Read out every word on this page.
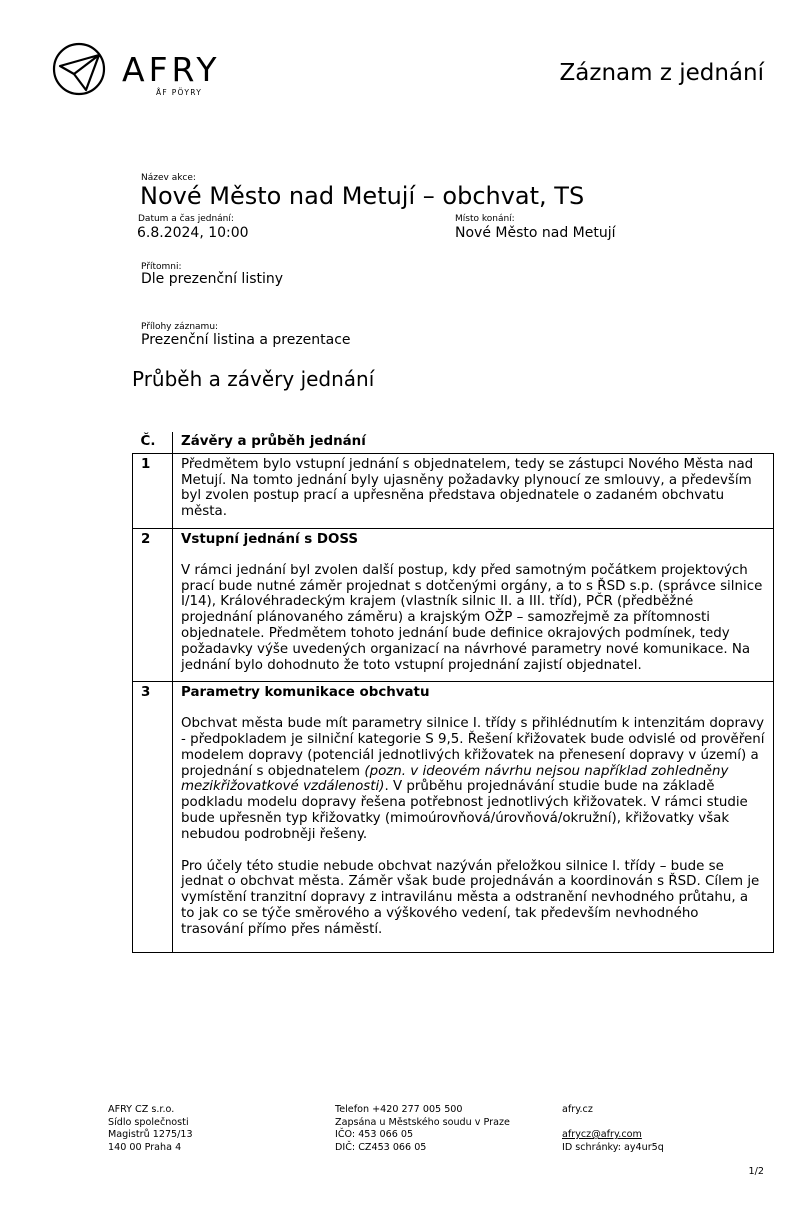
AFRY
ÅF PÖYRY
Záznam z jednání
Název akce:
Nové Město nad Metují – obchvat, TS
Datum a čas jednání:
6.8.2024, 10:00
Místo konání:
Nové Město nad Metují
Přítomni:
Dle prezenční listiny
Přílohy záznamu:
Prezenční listina a prezentace
Průběh a závěry jednání
Č.	Závěry a průběh jednání
1	Předmětem bylo vstupní jednání s objednatelem, tedy se zástupci Nového Města nad Metují. Na tomto jednání byly ujasněny požadavky plynoucí ze smlouvy, a především byl zvolen postup prací a upřesněna představa objednatele o zadaném obchvatu města.

2	Vstupní jednání s DOSS
V rámci jednání byl zvolen další postup, kdy před samotným počátkem projektových prací bude nutné záměr projednat s dotčenými orgány, a to s ŘSD s.p. (správce silnice I/14), Královéhradeckým krajem (vlastník silnic II. a III. tříd), PČR (předběžné projednání plánovaného záměru) a krajským OŽP – samozřejmě za přítomnosti objednatele. Předmětem tohoto jednání bude definice okrajových podmínek, tedy požadavky výše uvedených organizací na návrhové parametry nové komunikace. Na jednání bylo dohodnuto že toto vstupní projednání zajistí objednatel.

3	Parametry komunikace obchvatu
Obchvat města bude mít parametry silnice I. třídy s přihlédnutím k intenzitám dopravy - předpokladem je silniční kategorie S 9,5. Řešení křižovatek bude odvislé od prověření modelem dopravy (potenciál jednotlivých křižovatek na přenesení dopravy v území) a projednání s objednatelem (pozn. v ideovém návrhu nejsou například zohledněny mezikřižovatkové vzdálenosti). V průběhu projednávání studie bude na základě podkladu modelu dopravy řešena potřebnost jednotlivých křižovatek. V rámci studie bude upřesněn typ křižovatky (mimoúrovňová/úrovňová/okružní), křižovatky však nebudou podrobněji řešeny.
Pro účely této studie nebude obchvat nazýván přeložkou silnice I. třídy – bude se jednat o obchvat města. Záměr však bude projednáván a koordinován s ŘSD. Cílem je vymístění tranzitní dopravy z intravilánu města a odstranění nevhodného průtahu, a to jak co se týče směrového a výškového vedení, tak především nevhodného trasování přímo přes náměstí.
AFRY CZ s.r.o.
Sídlo společnosti
Magistrů 1275/13
140 00 Praha 4
Telefon +420 277 005 500
Zapsána u Městského soudu v Praze
IČO: 453 066 05
DIČ: CZ453 066 05
afry.cz
afrycz@afry.com
ID schránky: ay4ur5q
1/2
